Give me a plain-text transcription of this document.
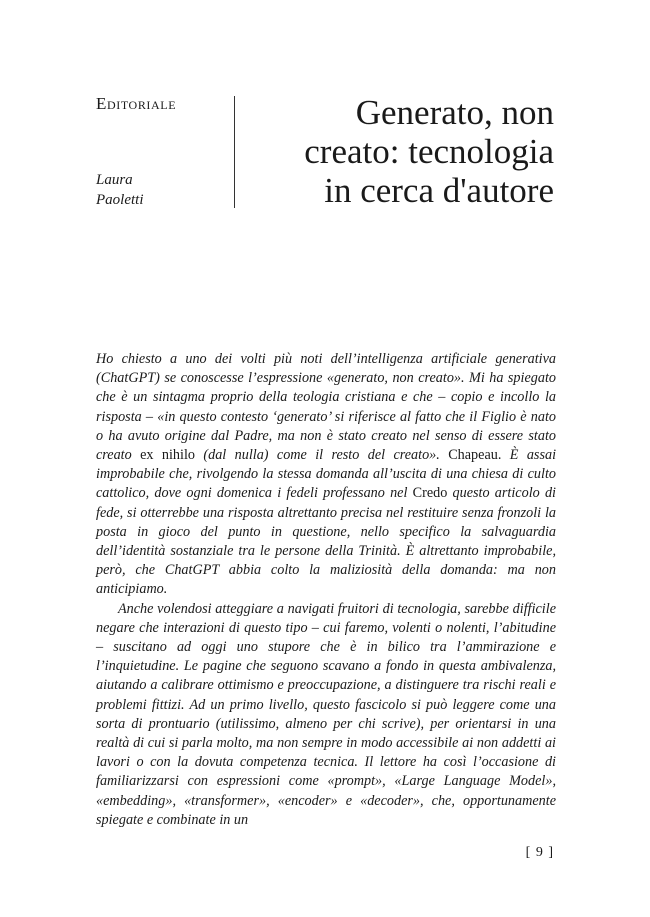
Editoriale
Laura
Paoletti
Generato, non
creato: tecnologia
in cerca d'autore

Ho chiesto a uno dei volti più noti dell’intelligenza artificiale generativa (ChatGPT) se conoscesse l’espressione «generato, non creato». Mi ha spiegato che è un sintagma proprio della teologia cristiana e che – copio e incollo la risposta – «in questo contesto ‘generato’ si riferisce al fatto che il Figlio è nato o ha avuto origine dal Padre, ma non è stato creato nel senso di essere stato creato ex nihilo (dal nulla) come il resto del creato». Chapeau. È assai improbabile che, rivolgendo la stessa domanda all’uscita di una chiesa di culto cattolico, dove ogni domenica i fedeli professano nel Credo questo articolo di fede, si otterrebbe una risposta altrettanto precisa nel restituire senza fronzoli la posta in gioco del punto in questione, nello specifico la salvaguardia dell’identità sostanziale tra le persone della Trinità. È altrettanto improbabile, però, che ChatGPT abbia colto la maliziosità della domanda: ma non anticipiamo.

Anche volendosi atteggiare a navigati fruitori di tecnologia, sarebbe difficile negare che interazioni di questo tipo – cui faremo, volenti o nolenti, l’abitudine – suscitano ad oggi uno stupore che è in bilico tra l’ammirazione e l’inquietudine. Le pagine che seguono scavano a fondo in questa ambivalenza, aiutando a calibrare ottimismo e preoccupazione, a distinguere tra rischi reali e problemi fittizi. Ad un primo livello, questo fascicolo si può leggere come una sorta di prontuario (utilissimo, almeno per chi scrive), per orientarsi in una realtà di cui si parla molto, ma non sempre in modo accessibile ai non addetti ai lavori o con la dovuta competenza tecnica. Il lettore ha così l’occasione di familiarizzarsi con espressioni come «prompt», «Large Language Model», «embedding», «transformer», «encoder» e «decoder», che, opportunamente spiegate e combinate in un

[ 9 ]
